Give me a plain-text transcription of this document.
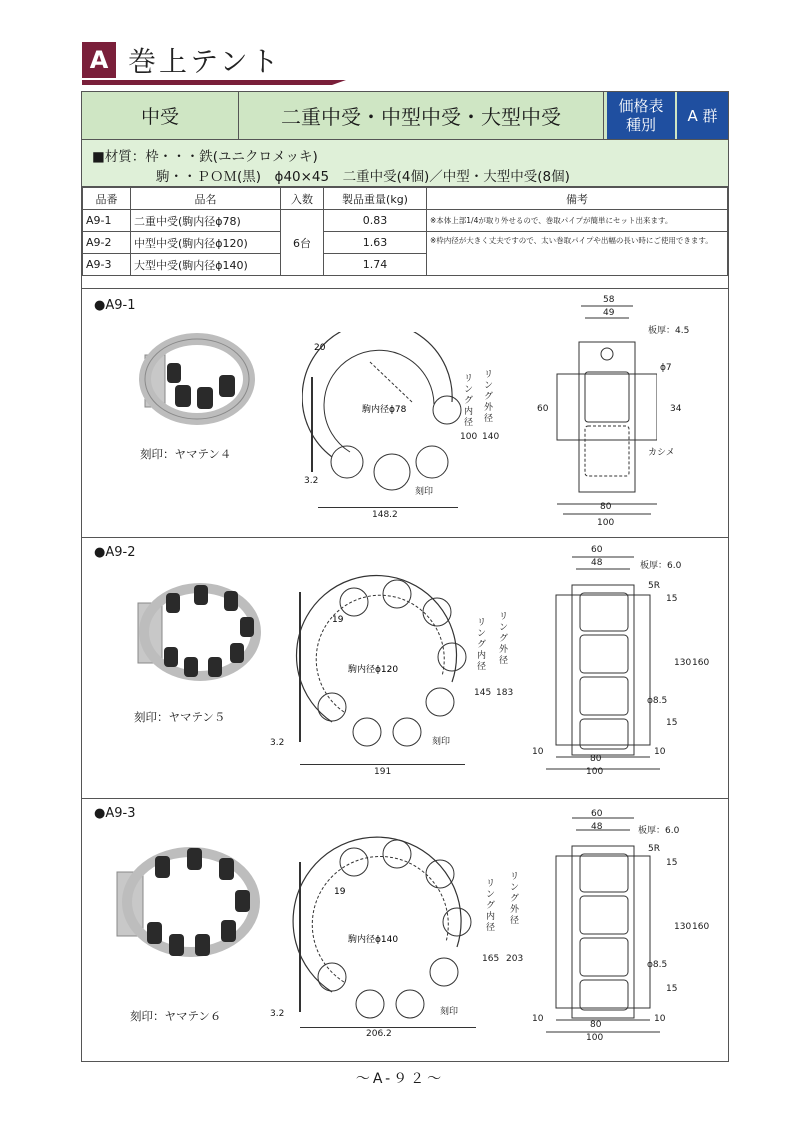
A 巻上テント
中受	二重中受・中型中受・大型中受	価格表
種別	A 群
■材質：枠・・・鉄(ユニクロメッキ)
駒・・ＰＯＭ(黒)　ϕ40×45　二重中受(4個)／中型・大型中受(8個)
品番	品名	入数	製品重量(kg)	備考
A9-1	二重中受(駒内径ϕ78)	6台	0.83	※本体上部1/4が取り外せるので、巻取パイプが簡単にセット出来ます。
A9-2	中型中受(駒内径ϕ120)		1.63	※枠内径が大きく丈夫ですので、太い巻取パイプや出幅の長い時にご使用できます。
A9-3	大型中受(駒内径ϕ140)		1.74	
●A9-1
刻印：ヤマテン４
20
駒内径ϕ78
リング内径
100
リング外径
140
3.2
刻印
148.2
58
49
板厚：4.5
ϕ7
60	34
カシメ
80
100
●A9-2
刻印：ヤマテン５
19
駒内径ϕ120
リング内径
145
リング外径
183
3.2	刻印
191
60
48	板厚：6.0
5R
15
130 160
ϕ8.5
15
10
80
100
10
●A9-3
刻印：ヤマテン６
19
駒内径ϕ140
リング内径
165
リング外径
203
3.2	刻印
206.2
60
48	板厚：6.0
5R
15
130 160
ϕ8.5
15
10
80
100
10
～A-９２～
